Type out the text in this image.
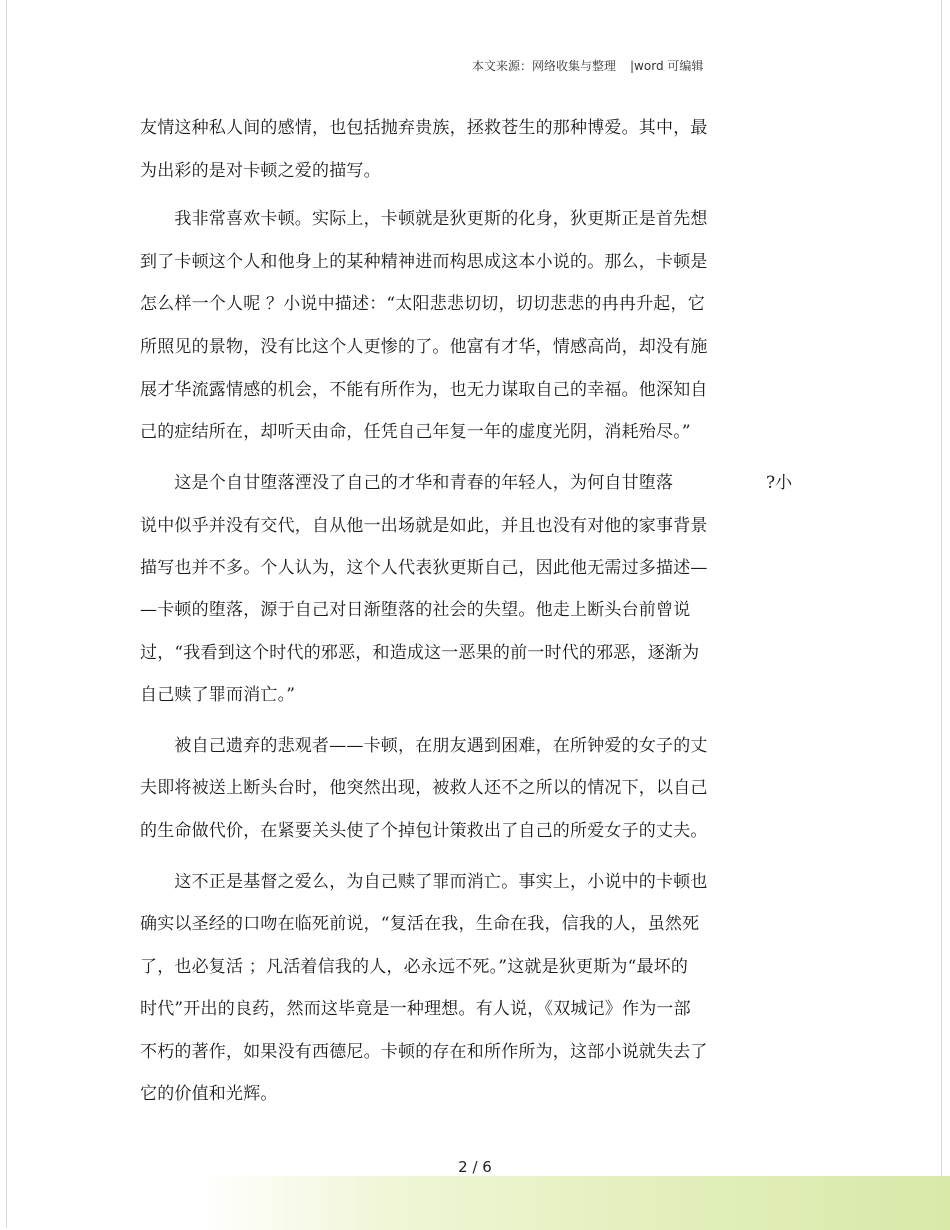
本文来源：网络收集与整理 |word 可编辑
友情这种私人间的感情，也包括抛弃贵族，拯救苍生的那种博爱。其中，最
为出彩的是对卡顿之爱的描写。
　　我非常喜欢卡顿。实际上，卡顿就是狄更斯的化身，狄更斯正是首先想
到了卡顿这个人和他身上的某种精神进而构思成这本小说的。那么，卡顿是
怎么样一个人呢 ？小说中描述：“太阳悲悲切切，切切悲悲的冉冉升起，它
所照见的景物，没有比这个人更惨的了。他富有才华，情感高尚，却没有施
展才华流露情感的机会，不能有所作为，也无力谋取自己的幸福。他深知自
己的症结所在，却听天由命，任凭自己年复一年的虚度光阴，消耗殆尽。”
　　这是个自甘堕落湮没了自己的才华和青春的年轻人，为何自甘堕落	?小
说中似乎并没有交代，自从他一出场就是如此，并且也没有对他的家事背景
描写也并不多。个人认为，这个人代表狄更斯自己，因此他无需过多描述—
—卡顿的堕落，源于自己对日渐堕落的社会的失望。他走上断头台前曾说
过，“我看到这个时代的邪恶，和造成这一恶果的前一时代的邪恶，逐渐为
自己赎了罪而消亡。”
　　被自己遗弃的悲观者——卡顿，在朋友遇到困难，在所钟爱的女子的丈
夫即将被送上断头台时，他突然出现，被救人还不之所以的情况下，以自己
的生命做代价，在紧要关头使了个掉包计策救出了自己的所爱女子的丈夫。
　　这不正是基督之爱么，为自己赎了罪而消亡。事实上，小说中的卡顿也
确实以圣经的口吻在临死前说，“复活在我，生命在我，信我的人，虽然死
了，也必复活 ；凡活着信我的人，必永远不死。”这就是狄更斯为“最坏的
时代”开出的良药，然而这毕竟是一种理想。有人说，《双城记》作为一部
不朽的著作，如果没有西德尼。卡顿的存在和所作所为，这部小说就失去了
它的价值和光辉。
2 / 6
